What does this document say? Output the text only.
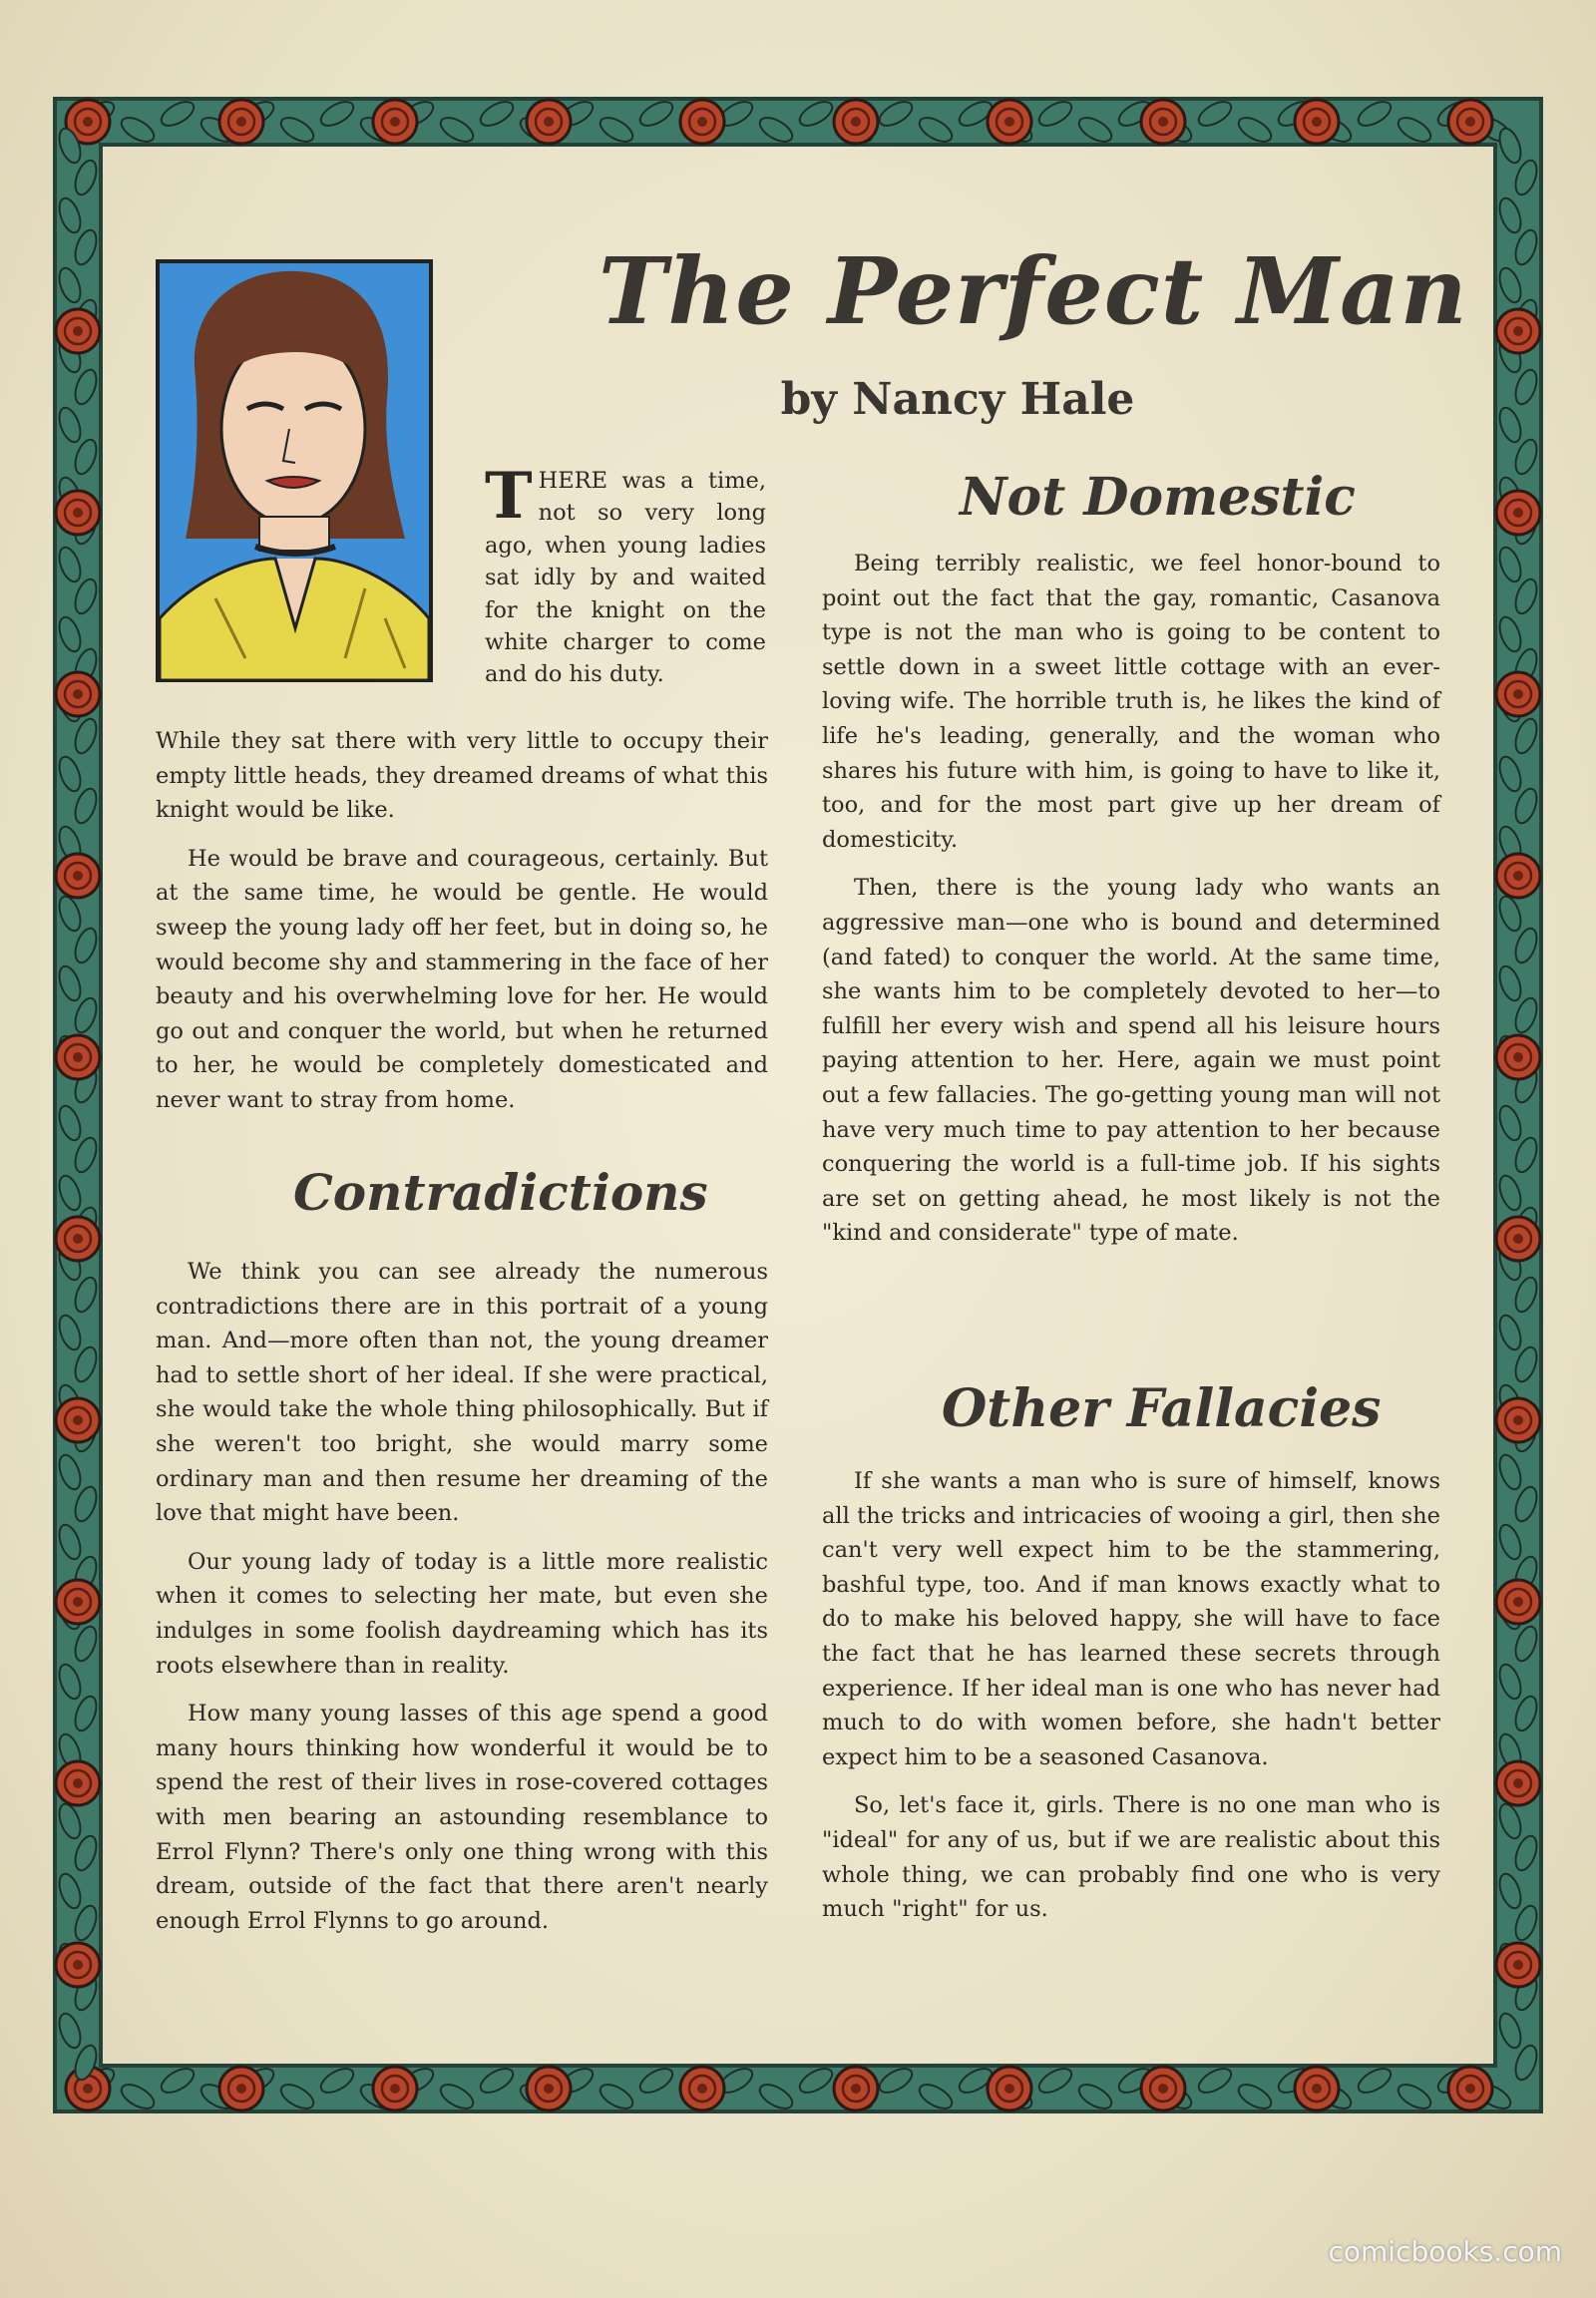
The Perfect Man
by Nancy Hale
T HERE was a time, not so very long ago, when young ladies sat idly by and waited for the knight on the white charger to come and do his duty.

While they sat there with very little to occupy their empty little heads, they dreamed dreams of what this knight would be like.

He would be brave and courageous, certainly. But at the same time, he would be gentle. He would sweep the young lady off her feet, but in doing so, he would become shy and stammering in the face of her beauty and his overwhelming love for her. He would go out and conquer the world, but when he returned to her, he would be completely domesticated and never want to stray from home.

Contradictions

We think you can see already the numerous contradictions there are in this portrait of a young man. And—more often than not, the young dreamer had to settle short of her ideal. If she were practical, she would take the whole thing philosophically. But if she weren't too bright, she would marry some ordinary man and then resume her dreaming of the love that might have been.

Our young lady of today is a little more realistic when it comes to selecting her mate, but even she indulges in some foolish daydreaming which has its roots elsewhere than in reality.

How many young lasses of this age spend a good many hours thinking how wonderful it would be to spend the rest of their lives in rose-covered cottages with men bearing an astounding resemblance to Errol Flynn? There's only one thing wrong with this dream, outside of the fact that there aren't nearly enough Errol Flynns to go around.

Not Domestic

Being terribly realistic, we feel honor-bound to point out the fact that the gay, romantic, Casanova type is not the man who is going to be content to settle down in a sweet little cottage with an ever-loving wife. The horrible truth is, he likes the kind of life he's leading, generally, and the woman who shares his future with him, is going to have to like it, too, and for the most part give up her dream of domesticity.

Then, there is the young lady who wants an aggressive man—one who is bound and determined (and fated) to conquer the world. At the same time, she wants him to be completely devoted to her—to fulfill her every wish and spend all his leisure hours paying attention to her. Here, again we must point out a few fallacies. The go-getting young man will not have very much time to pay attention to her because conquering the world is a full-time job. If his sights are set on getting ahead, he most likely is not the "kind and considerate" type of mate.

Other Fallacies

If she wants a man who is sure of himself, knows all the tricks and intricacies of wooing a girl, then she can't very well expect him to be the stammering, bashful type, too. And if man knows exactly what to do to make his beloved happy, she will have to face the fact that he has learned these secrets through experience. If her ideal man is one who has never had much to do with women before, she hadn't better expect him to be a seasoned Casanova.

So, let's face it, girls. There is no one man who is "ideal" for any of us, but if we are realistic about this whole thing, we can probably find one who is very much "right" for us.

comicbooks.com
